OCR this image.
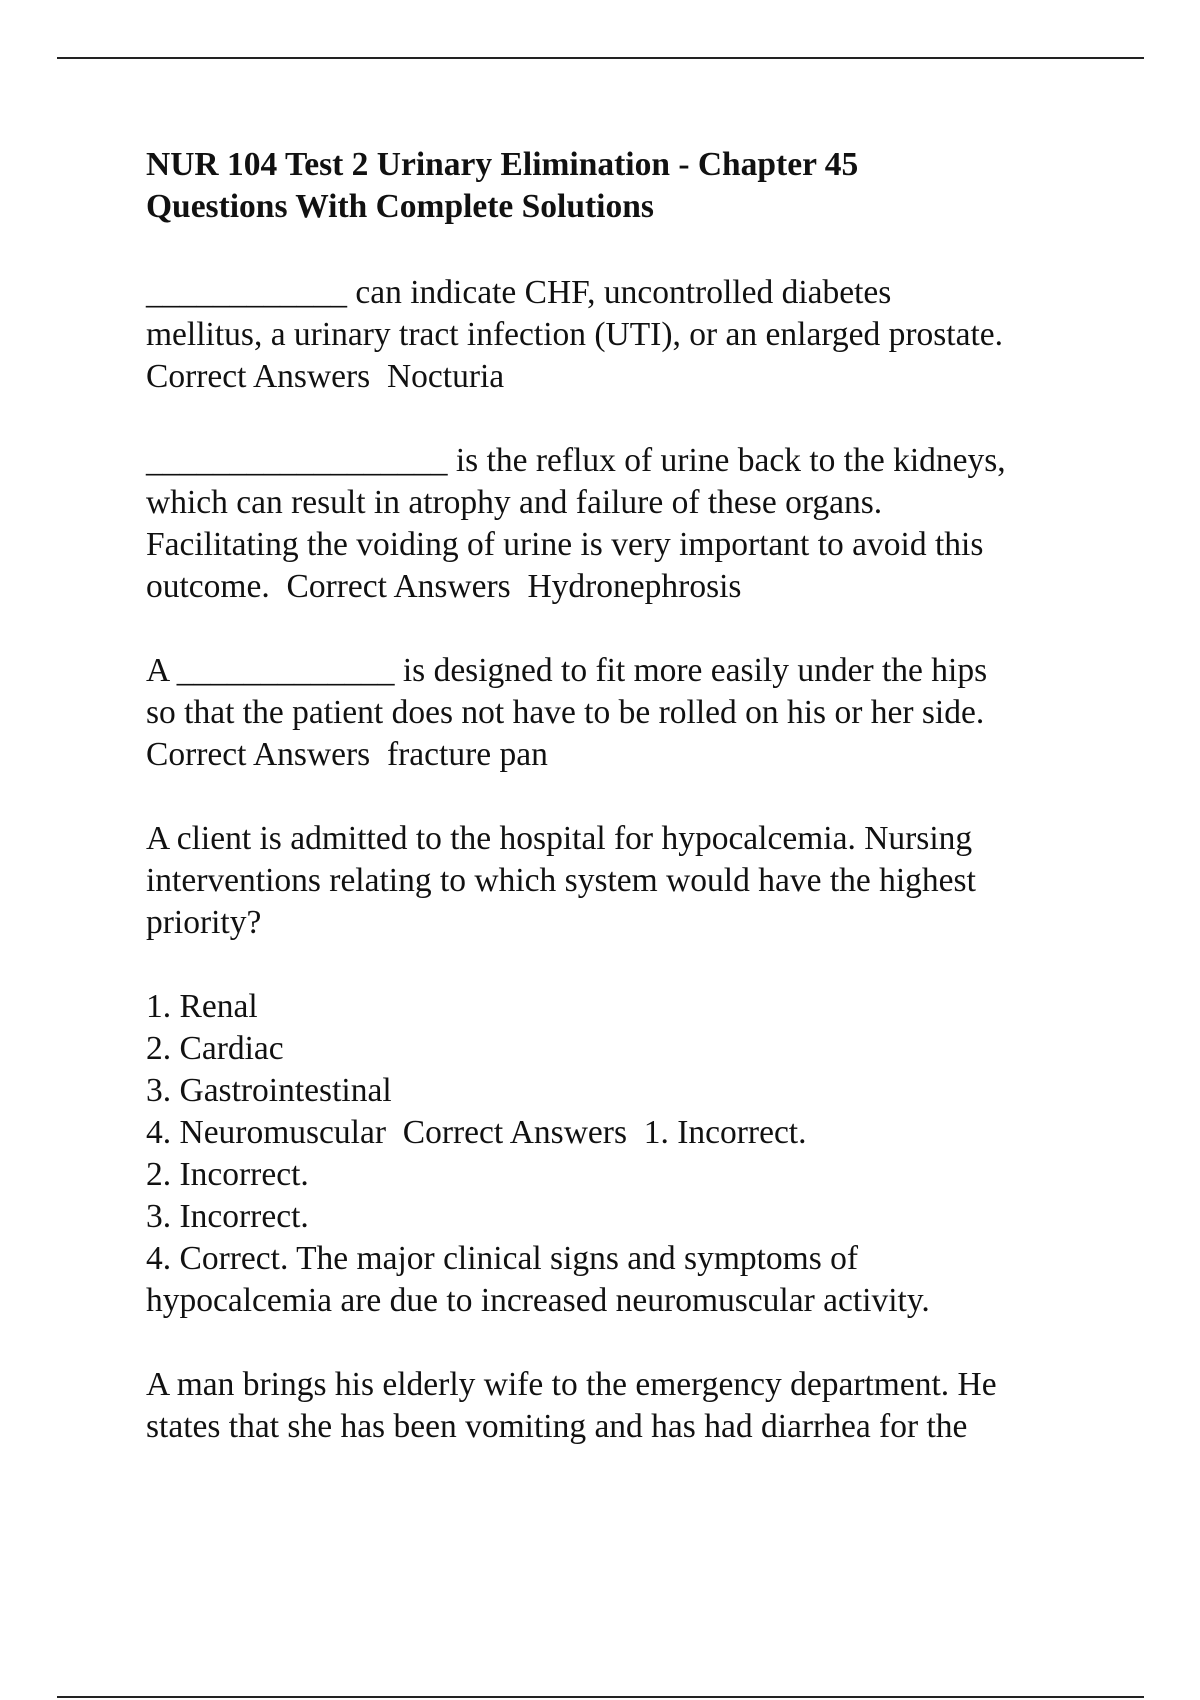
NUR 104 Test 2 Urinary Elimination - Chapter 45
Questions With Complete Solutions

____________ can indicate CHF, uncontrolled diabetes
mellitus, a urinary tract infection (UTI), or an enlarged prostate.
Correct Answers Nocturia

__________________ is the reflux of urine back to the kidneys,
which can result in atrophy and failure of these organs.
Facilitating the voiding of urine is very important to avoid this
outcome. Correct Answers Hydronephrosis

A _____________ is designed to fit more easily under the hips
so that the patient does not have to be rolled on his or her side.
Correct Answers fracture pan

A client is admitted to the hospital for hypocalcemia. Nursing
interventions relating to which system would have the highest
priority?

1. Renal
2. Cardiac
3. Gastrointestinal
4. Neuromuscular Correct Answers 1. Incorrect.
2. Incorrect.
3. Incorrect.
4. Correct. The major clinical signs and symptoms of
hypocalcemia are due to increased neuromuscular activity.

A man brings his elderly wife to the emergency department. He
states that she has been vomiting and has had diarrhea for the
